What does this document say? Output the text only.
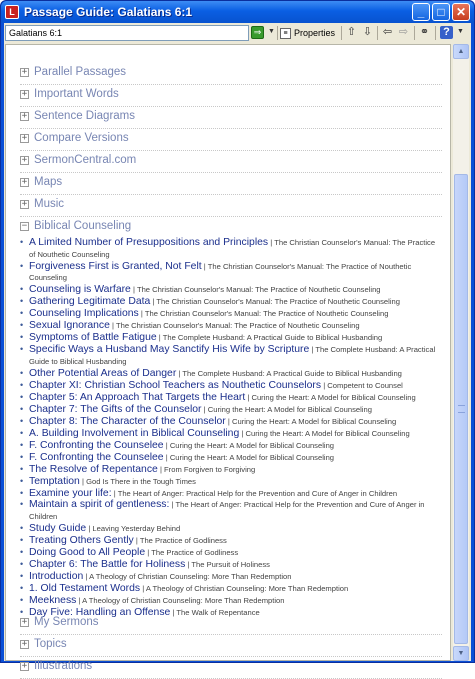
L Passage Guide: Galatians 6:1	_	□ ✕
Galatians 6:1	⇒ ▼	≡ Properties ⇧ ⇩ ⇦ ⇨ ⚭ ?	▼
+ Parallel Passages
+ Important Words
+ Sentence Diagrams
+ Compare Versions
+ SermonCentral.com
+ Maps
+ Music
− Biblical Counseling
• A Limited Number of Presuppositions and Principles | The Christian Counselor's Manual: The Practice of Nouthetic Counseling
• Forgiveness First is Granted, Not Felt | The Christian Counselor's Manual: The Practice of Nouthetic Counseling
• Counseling is Warfare | The Christian Counselor's Manual: The Practice of Nouthetic Counseling
• Gathering Legitimate Data | The Christian Counselor's Manual: The Practice of Nouthetic Counseling
• Counseling Implications | The Christian Counselor's Manual: The Practice of Nouthetic Counseling
• Sexual Ignorance | The Christian Counselor's Manual: The Practice of Nouthetic Counseling
• Symptoms of Battle Fatigue | The Complete Husband: A Practical Guide to Biblical Husbanding
• Specific Ways a Husband May Sanctify His Wife by Scripture | The Complete Husband: A Practical Guide to Biblical Husbanding
• Other Potential Areas of Danger | The Complete Husband: A Practical Guide to Biblical Husbanding
• Chapter XI: Christian School Teachers as Nouthetic Counselors | Competent to Counsel
• Chapter 5: An Approach That Targets the Heart | Curing the Heart: A Model for Biblical Counseling
• Chapter 7: The Gifts of the Counselor | Curing the Heart: A Model for Biblical Counseling
• Chapter 8: The Character of the Counselor | Curing the Heart: A Model for Biblical Counseling
• A. Building Involvement in Biblical Counseling | Curing the Heart: A Model for Biblical Counseling
• F. Confronting the Counselee | Curing the Heart: A Model for Biblical Counseling
• F. Confronting the Counselee | Curing the Heart: A Model for Biblical Counseling
• The Resolve of Repentance | From Forgiven to Forgiving
• Temptation | God Is There in the Tough Times
• Examine your life: | The Heart of Anger: Practical Help for the Prevention and Cure of Anger in Children
• Maintain a spirit of gentleness: | The Heart of Anger: Practical Help for the Prevention and Cure of Anger in Children
• Study Guide | Leaving Yesterday Behind
• Treating Others Gently | The Practice of Godliness
• Doing Good to All People | The Practice of Godliness
• Chapter 6: The Battle for Holiness | The Pursuit of Holiness
• Introduction | A Theology of Christian Counseling: More Than Redemption
• 1. Old Testament Words | A Theology of Christian Counseling: More Than Redemption
• Meekness | A Theology of Christian Counseling: More Than Redemption
• Day Five: Handling an Offense | The Walk of Repentance
+ My Sermons
+ Topics
+ Illustrations
▲
▼
